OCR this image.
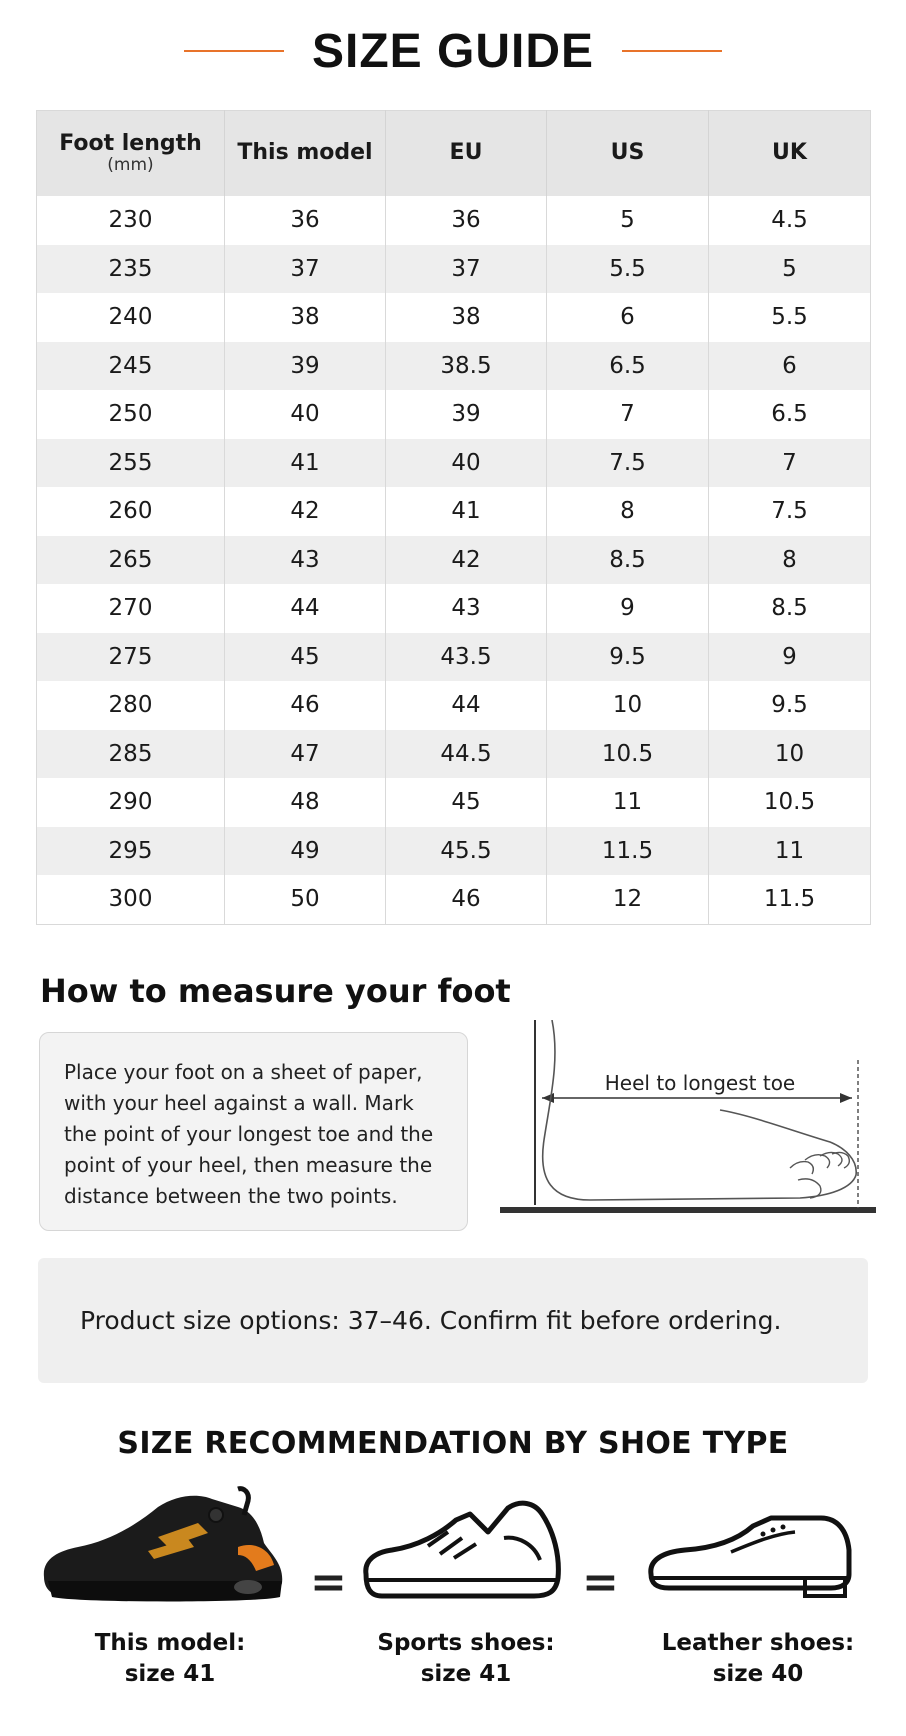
SIZE GUIDE
Foot length
(mm)	This model	EU	US	UK
230	36	36	5	4.5
235	37	37	5.5	5
240	38	38	6	5.5
245	39	38.5	6.5	6
250	40	39	7	6.5
255	41	40	7.5	7
260	42	41	8	7.5
265	43	42	8.5	8
270	44	43	9	8.5
275	45	43.5	9.5	9
280	46	44	10	9.5
285	47	44.5	10.5	10
290	48	45	11	10.5
295	49	45.5	11.5	11
300	50	46	12	11.5
How to measure your foot
Place your foot on a sheet of paper, with your heel against a wall. Mark the point of your longest toe and the point of your heel, then measure the distance between the two points.
Heel to longest toe
Product size options: 37–46. Confirm fit before ordering.
SIZE RECOMMENDATION BY SHOE TYPE
=	=
This model:
size 41
Sports shoes:
size 41
Leather shoes:
size 40
